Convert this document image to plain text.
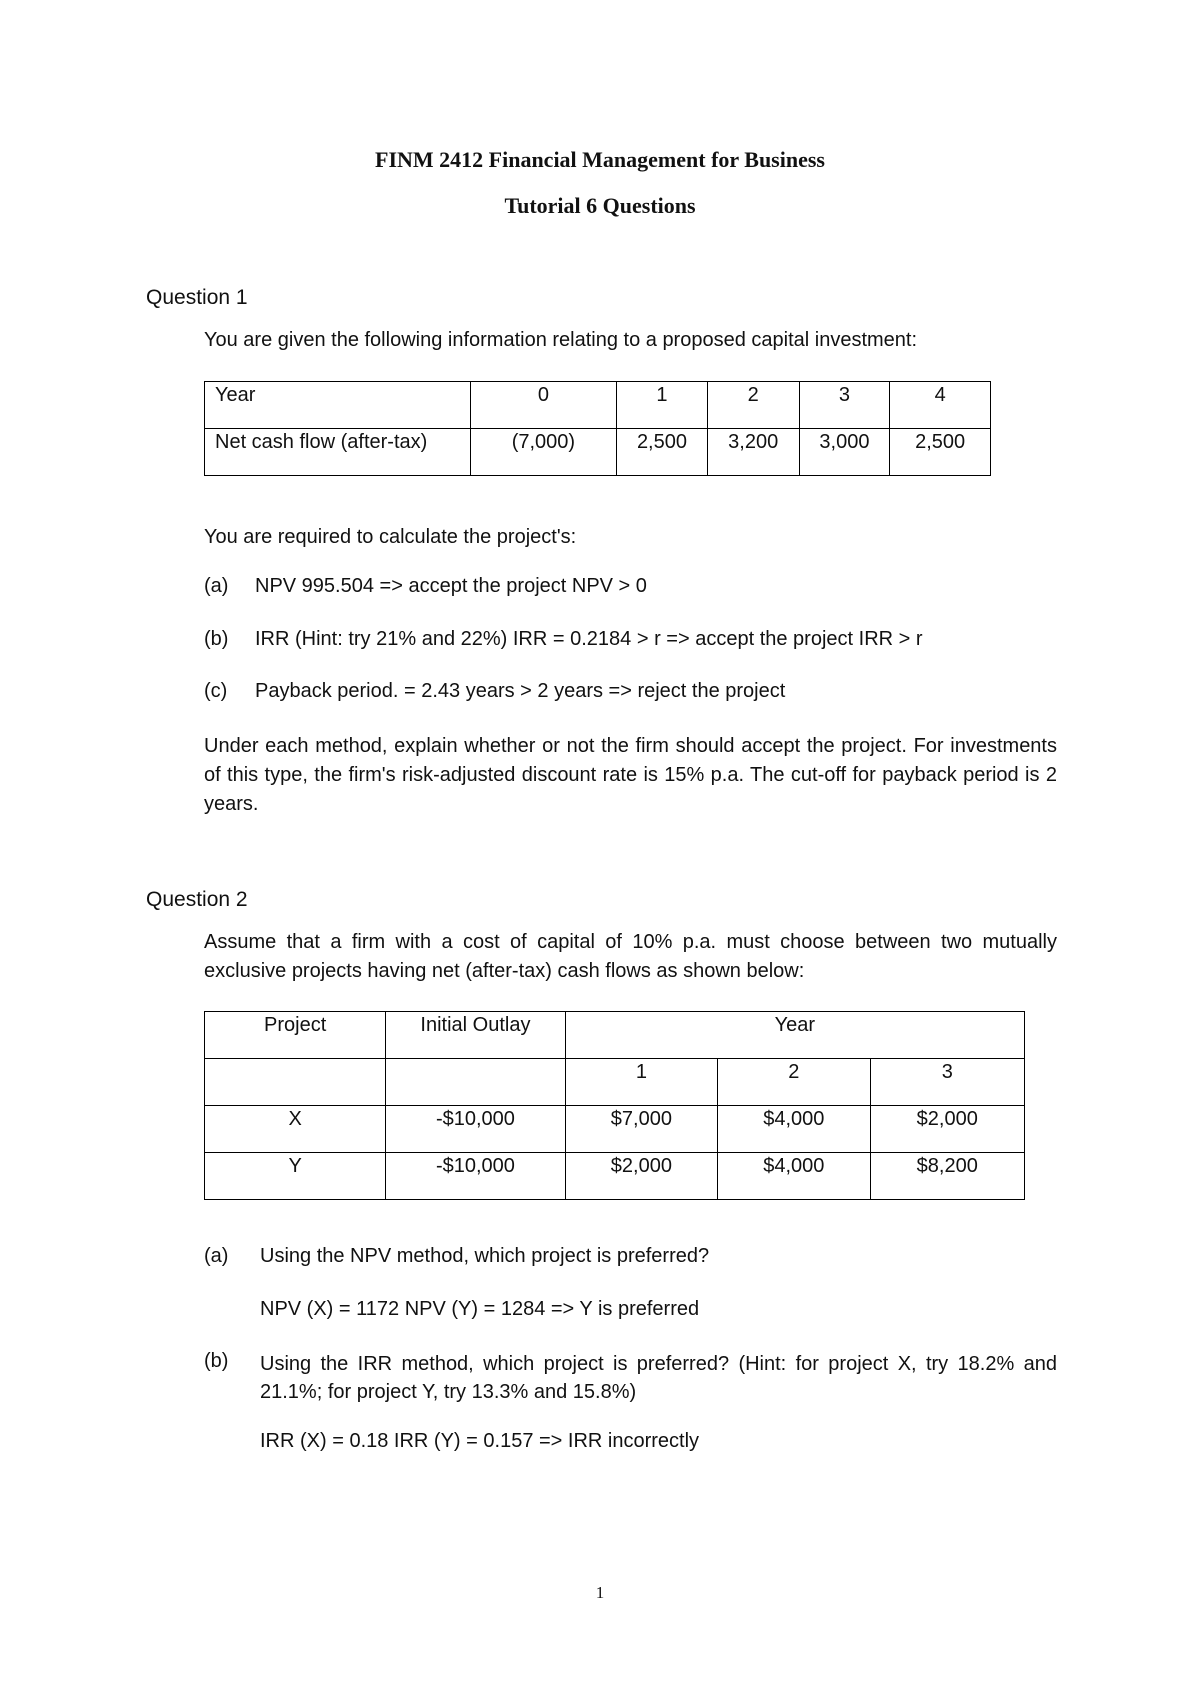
FINM 2412 Financial Management for Business
Tutorial 6 Questions
Question 1
You are given the following information relating to a proposed capital investment:
Year	0	1	2	3	4
Net cash flow (after-tax)	(7,000)	2,500	3,200	3,000	2,500
You are required to calculate the project's:
(a) NPV 995.504 => accept the project NPV > 0
(b) IRR (Hint: try 21% and 22%) IRR = 0.2184 > r => accept the project IRR > r
(c) Payback period. = 2.43 years > 2 years => reject the project
Under each method, explain whether or not the firm should accept the project. For investments of this type, the firm's risk-adjusted discount rate is 15% p.a. The cut-off for payback period is 2 years.
Question 2
Assume that a firm with a cost of capital of 10% p.a. must choose between two mutually exclusive projects having net (after-tax) cash flows as shown below:
Project	Initial Outlay	Year		
		1	2	3
X	-$10,000	$7,000	$4,000	$2,000
Y	-$10,000	$2,000	$4,000	$8,200
(a) Using the NPV method, which project is preferred?
NPV (X) = 1172 NPV (Y) = 1284 => Y is preferred
(b) Using the IRR method, which project is preferred? (Hint: for project X, try 18.2% and 21.1%; for project Y, try 13.3% and 15.8%)
IRR (X) = 0.18 IRR (Y) = 0.157 => IRR incorrectly
1
